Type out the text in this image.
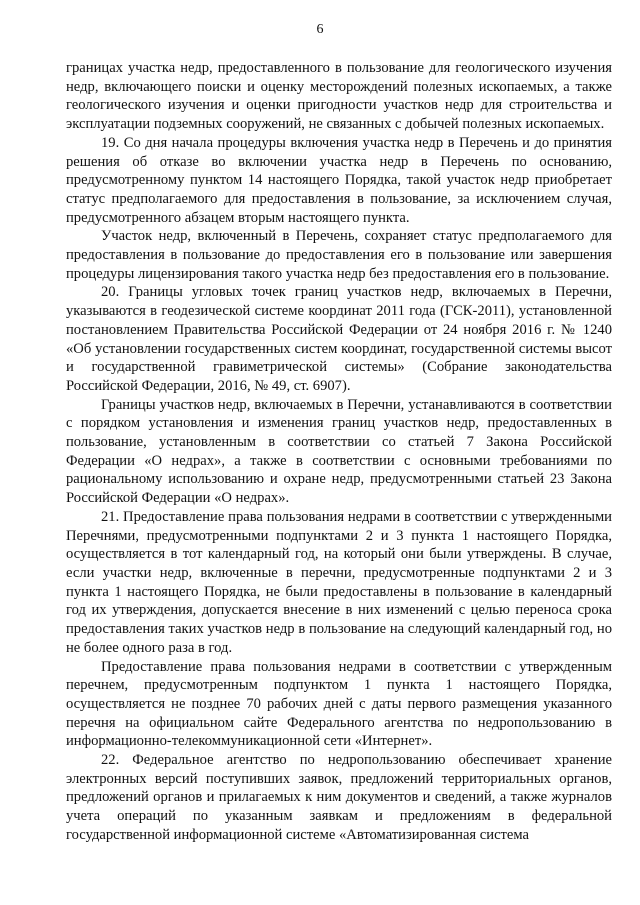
6

границах участка недр, предоставленного в пользование для геологического изучения недр, включающего поиски и оценку месторождений полезных ископаемых, а также геологического изучения и оценки пригодности участков недр для строительства и эксплуатации подземных сооружений, не связанных с добычей полезных ископаемых.

19. Со дня начала процедуры включения участка недр в Перечень и до принятия решения об отказе во включении участка недр в Перечень по основанию, предусмотренному пунктом 14 настоящего Порядка, такой участок недр приобретает статус предполагаемого для предоставления в пользование, за исключением случая, предусмотренного абзацем вторым настоящего пункта.

Участок недр, включенный в Перечень, сохраняет статус предполагаемого для предоставления в пользование до предоставления его в пользование или завершения процедуры лицензирования такого участка недр без предоставления его в пользование.

20. Границы угловых точек границ участков недр, включаемых в Перечни, указываются в геодезической системе координат 2011 года (ГСК-2011), установленной постановлением Правительства Российской Федерации от 24 ноября 2016 г. № 1240 «Об установлении государственных систем координат, государственной системы высот и государственной гравиметрической системы» (Собрание законодательства Российской Федерации, 2016, № 49, ст. 6907).

Границы участков недр, включаемых в Перечни, устанавливаются в соответствии с порядком установления и изменения границ участков недр, предоставленных в пользование, установленным в соответствии со статьей 7 Закона Российской Федерации «О недрах», а также в соответствии с основными требованиями по рациональному использованию и охране недр, предусмотренными статьей 23 Закона Российской Федерации «О недрах».

21. Предоставление права пользования недрами в соответствии с утвержденными Перечнями, предусмотренными подпунктами 2 и 3 пункта 1 настоящего Порядка, осуществляется в тот календарный год, на который они были утверждены. В случае, если участки недр, включенные в перечни, предусмотренные подпунктами 2 и 3 пункта 1 настоящего Порядка, не были предоставлены в пользование в календарный год их утверждения, допускается внесение в них изменений с целью переноса срока предоставления таких участков недр в пользование на следующий календарный год, но не более одного раза в год.

Предоставление права пользования недрами в соответствии с утвержденным перечнем, предусмотренным подпунктом 1 пункта 1 настоящего Порядка, осуществляется не позднее 70 рабочих дней с даты первого размещения указанного перечня на официальном сайте Федерального агентства по недропользованию в информационно-телекоммуникационной сети «Интернет».

22. Федеральное агентство по недропользованию обеспечивает хранение электронных версий поступивших заявок, предложений территориальных органов, предложений органов и прилагаемых к ним документов и сведений, а также журналов учета операций по указанным заявкам и предложениям в федеральной государственной информационной системе «Автоматизированная система
